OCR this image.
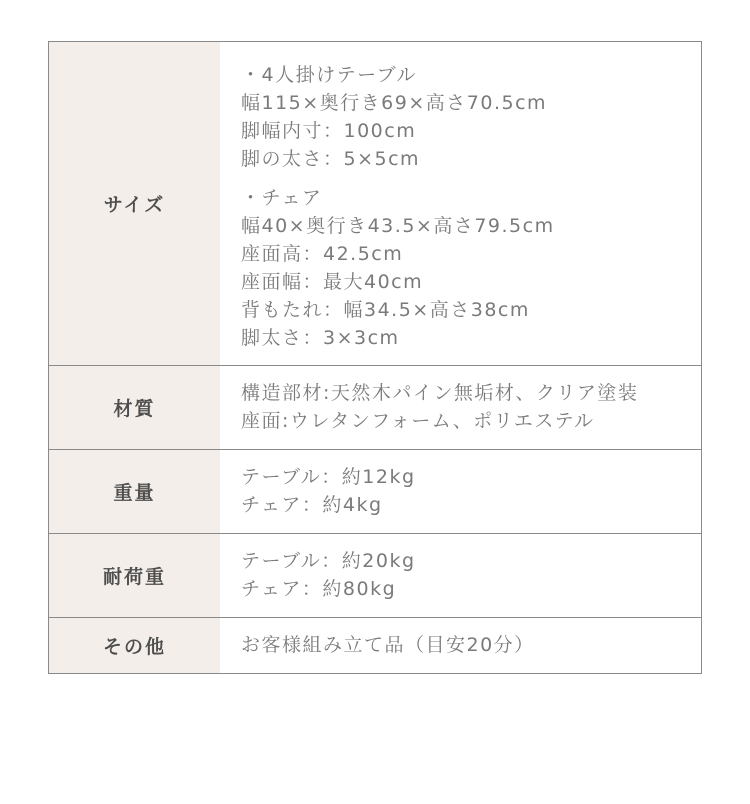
サイズ
・4人掛けテーブル
幅115×奥行き69×高さ70.5cm
脚幅内寸：100cm
脚の太さ：5×5cm
・チェア
幅40×奥行き43.5×高さ79.5cm
座面高：42.5cm
座面幅：最大40cm
背もたれ：幅34.5×高さ38cm
脚太さ：3×3cm
材質
構造部材:天然木パイン無垢材、クリア塗装
座面:ウレタンフォーム、ポリエステル
重量
テーブル：約12kg
チェア：約4kg
耐荷重
テーブル：約20kg
チェア：約80kg
その他	お客様組み立て品（目安20分）
